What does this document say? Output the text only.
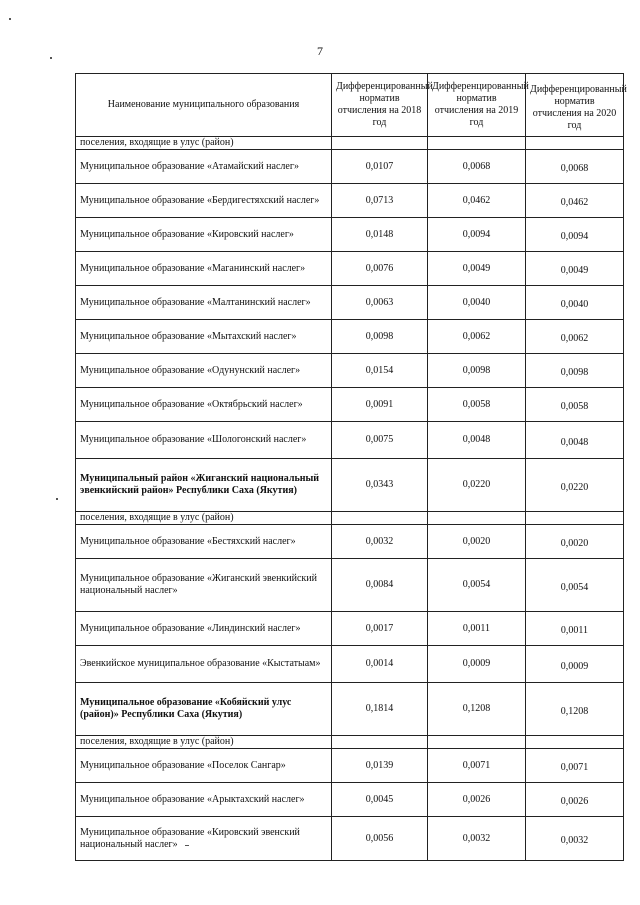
7
Наименование муниципального образования	Дифференцированный норматив отчисления на 2018 год	Дифференцированный норматив отчисления на 2019 год	Дифференцированный норматив отчисления на 2020 год
поселения, входящие в улус (район)			
Муниципальное образование «Атамайский наслег»	0,0107	0,0068	0,0068
Муниципальное образование «Бердигестяхский наслег»	0,0713	0,0462	0,0462
Муниципальное образование «Кировский наслег»	0,0148	0,0094	0,0094
Муниципальное образование «Маганинский наслег»	0,0076	0,0049	0,0049
Муниципальное образование «Малтанинский наслег»	0,0063	0,0040	0,0040
Муниципальное образование «Мытахский наслег»	0,0098	0,0062	0,0062
Муниципальное образование «Одунунский наслег»	0,0154	0,0098	0,0098
Муниципальное образование «Октябрьский наслег»	0,0091	0,0058	0,0058
Муниципальное образование «Шологонский наслег»	0,0075	0,0048	0,0048
Муниципальный район «Жиганский национальный эвенкийский район» Республики Саха (Якутия)	0,0343	0,0220	0,0220
поселения, входящие в улус (район)			
Муниципальное образование «Бестяхский наслег»	0,0032	0,0020	0,0020
Муниципальное образование «Жиганский эвенкийский национальный наслег»	0,0084	0,0054	0,0054
Муниципальное образование «Линдинский наслег»	0,0017	0,0011	0,0011
Эвенкийское муниципальное образование «Кыстатыам»	0,0014	0,0009	0,0009
Муниципальное образование «Кобяйский улус (район)» Республики Саха (Якутия)	0,1814	0,1208	0,1208
поселения, входящие в улус (район)			
Муниципальное образование «Поселок Сангар»	0,0139	0,0071	0,0071
Муниципальное образование «Арыктахский наслег»	0,0045	0,0026	0,0026
Муниципальное образование «Кировский эвенский национальный наслег»	0,0056	0,0032	0,0032
